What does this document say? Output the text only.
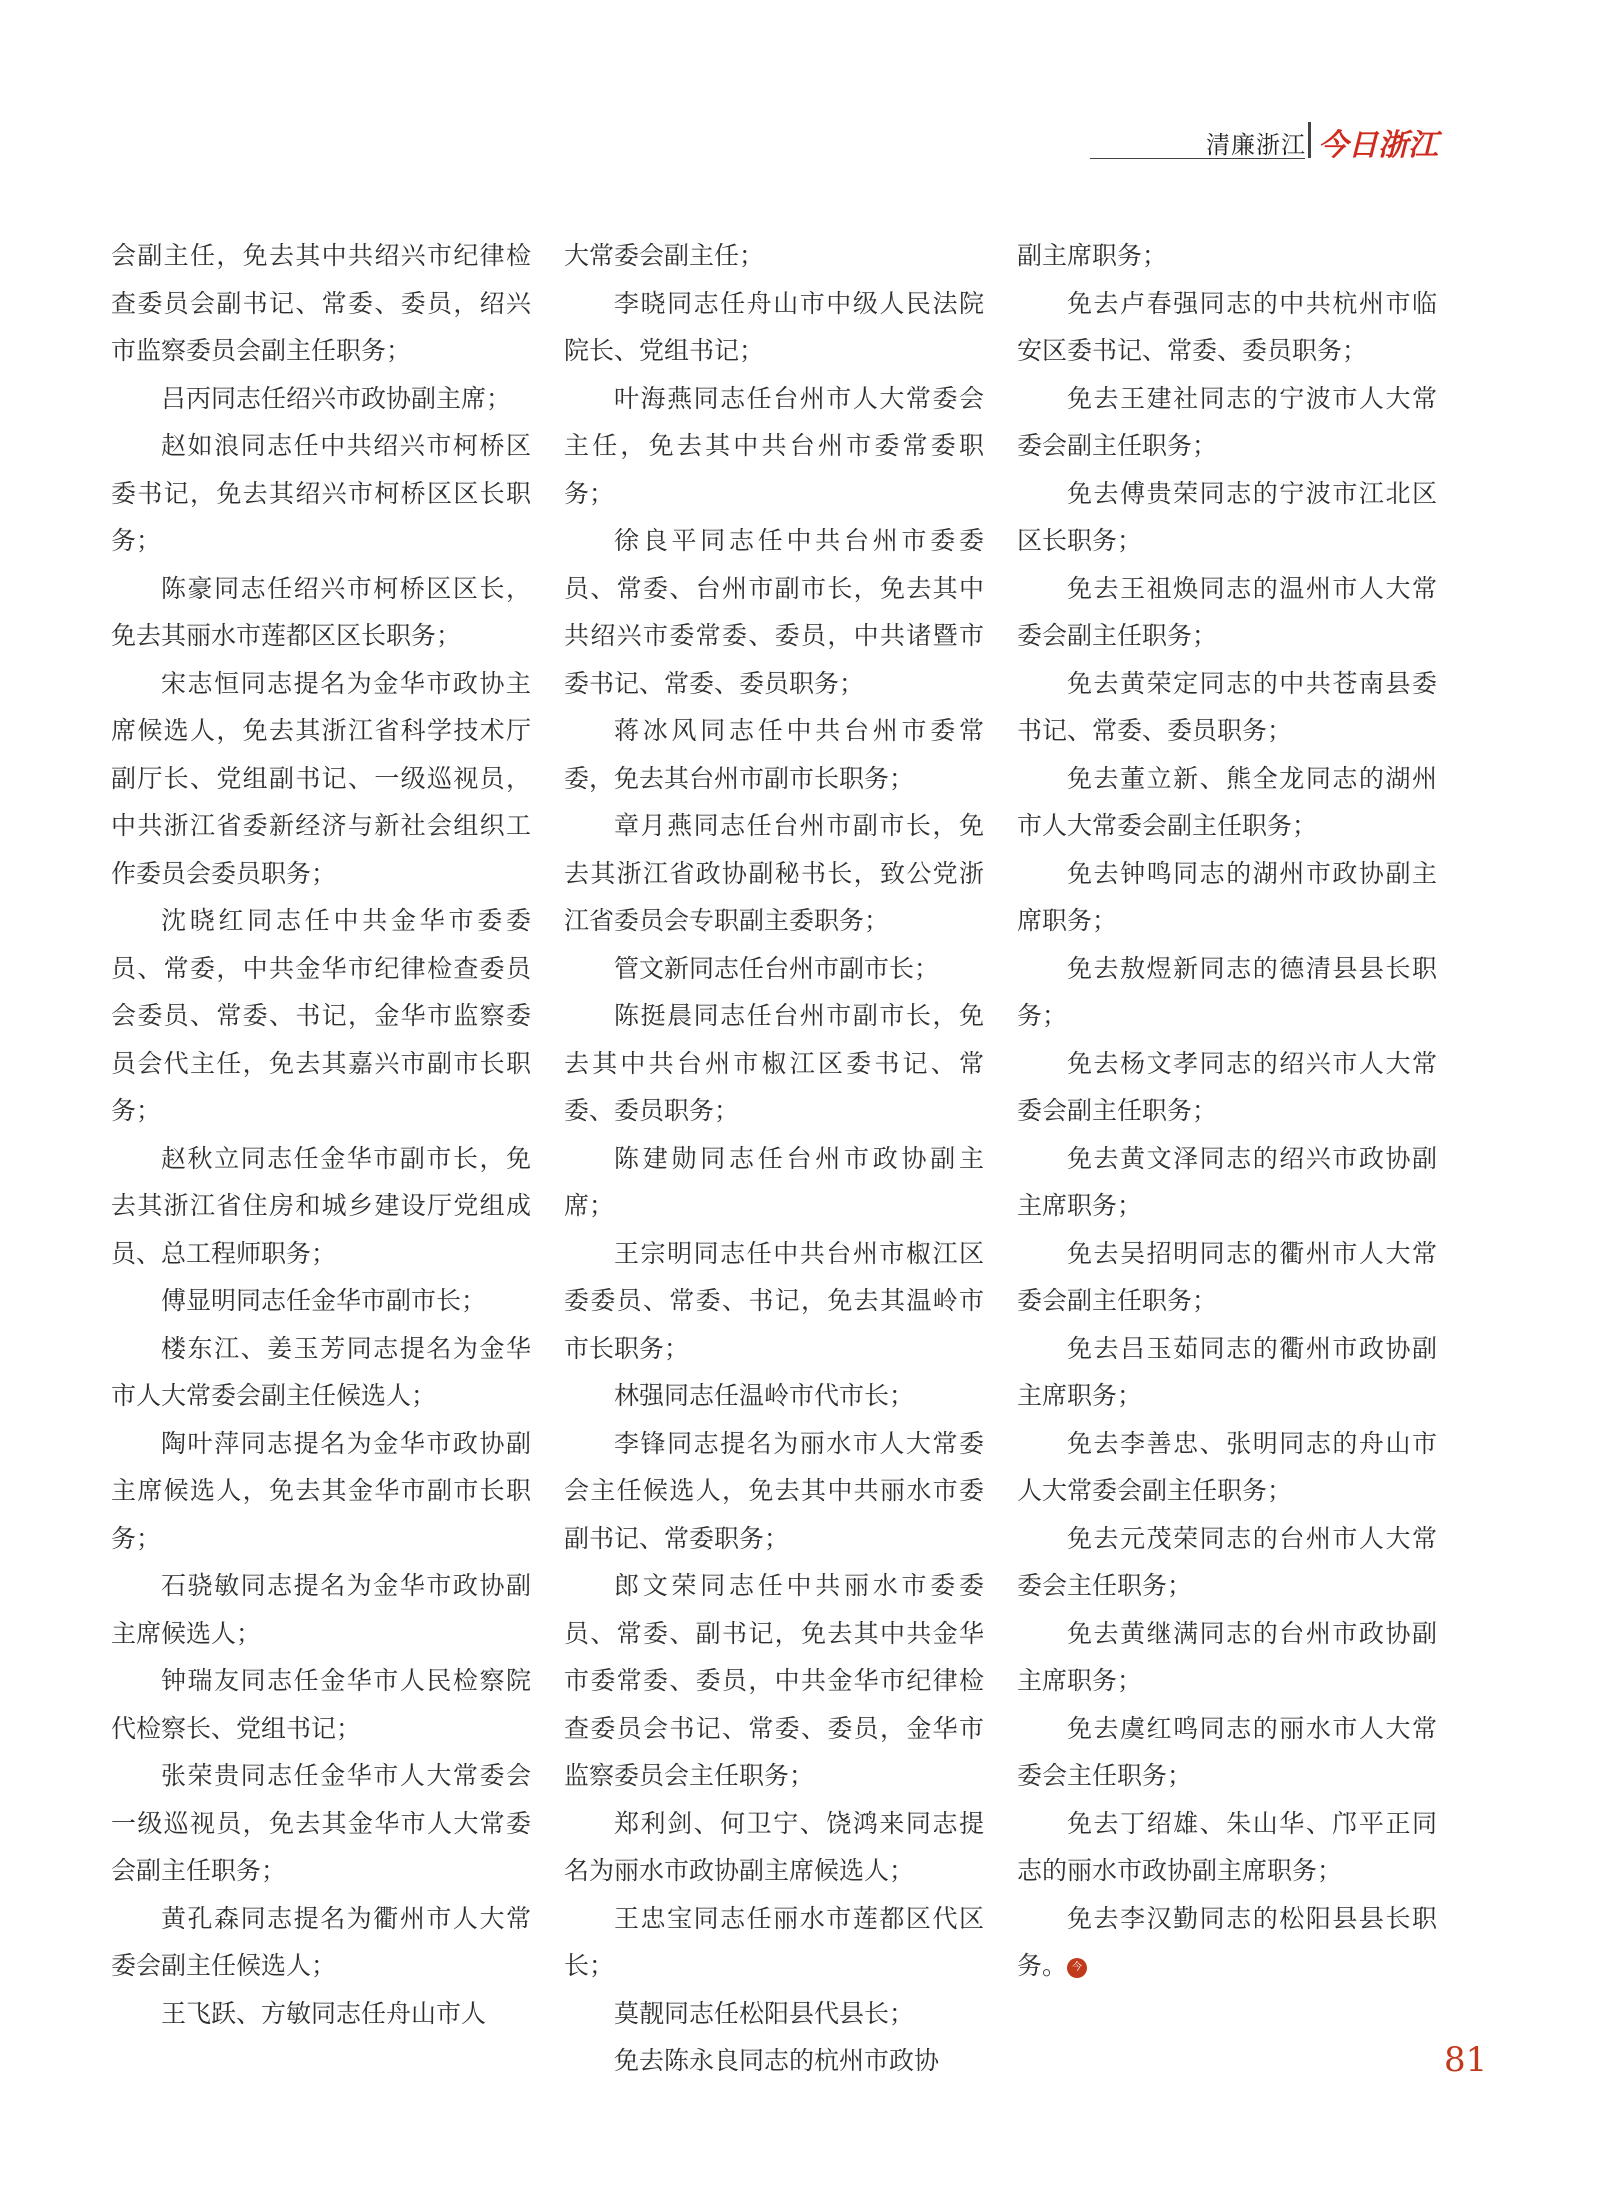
清廉浙江 今日浙江

会副主任，免去其中共绍兴市纪律检查委员会副书记、常委、委员，绍兴市监察委员会副主任职务；

吕丙同志任绍兴市政协副主席；

赵如浪同志任中共绍兴市柯桥区委书记，免去其绍兴市柯桥区区长职务；

陈豪同志任绍兴市柯桥区区长，免去其丽水市莲都区区长职务；

宋志恒同志提名为金华市政协主席候选人，免去其浙江省科学技术厅副厅长、党组副书记、一级巡视员，中共浙江省委新经济与新社会组织工作委员会委员职务；

沈晓红同志任中共金华市委委员、常委，中共金华市纪律检查委员会委员、常委、书记，金华市监察委员会代主任，免去其嘉兴市副市长职务；

赵秋立同志任金华市副市长，免去其浙江省住房和城乡建设厅党组成员、总工程师职务；

傅显明同志任金华市副市长；

楼东江、姜玉芳同志提名为金华市人大常委会副主任候选人；

陶叶萍同志提名为金华市政协副主席候选人，免去其金华市副市长职务；

石骁敏同志提名为金华市政协副主席候选人；

钟瑞友同志任金华市人民检察院代检察长、党组书记；

张荣贵同志任金华市人大常委会一级巡视员，免去其金华市人大常委会副主任职务；

黄孔森同志提名为衢州市人大常委会副主任候选人；

王飞跃、方敏同志任舟山市人

大常委会副主任；

李晓同志任舟山市中级人民法院院长、党组书记；

叶海燕同志任台州市人大常委会主任，免去其中共台州市委常委职务；

徐良平同志任中共台州市委委员、常委、台州市副市长，免去其中共绍兴市委常委、委员，中共诸暨市委书记、常委、委员职务；

蒋冰风同志任中共台州市委常委，免去其台州市副市长职务；

章月燕同志任台州市副市长，免去其浙江省政协副秘书长，致公党浙江省委员会专职副主委职务；

管文新同志任台州市副市长；

陈挺晨同志任台州市副市长，免去其中共台州市椒江区委书记、常委、委员职务；

陈建勋同志任台州市政协副主席；

王宗明同志任中共台州市椒江区委委员、常委、书记，免去其温岭市市长职务；

林强同志任温岭市代市长；

李锋同志提名为丽水市人大常委会主任候选人，免去其中共丽水市委副书记、常委职务；

郎文荣同志任中共丽水市委委员、常委、副书记，免去其中共金华市委常委、委员，中共金华市纪律检查委员会书记、常委、委员，金华市监察委员会主任职务；

郑利剑、何卫宁、饶鸿来同志提名为丽水市政协副主席候选人；

王忠宝同志任丽水市莲都区代区长；

莫靓同志任松阳县代县长；

免去陈永良同志的杭州市政协

副主席职务；

免去卢春强同志的中共杭州市临安区委书记、常委、委员职务；

免去王建社同志的宁波市人大常委会副主任职务；

免去傅贵荣同志的宁波市江北区区长职务；

免去王祖焕同志的温州市人大常委会副主任职务；

免去黄荣定同志的中共苍南县委书记、常委、委员职务；

免去董立新、熊全龙同志的湖州市人大常委会副主任职务；

免去钟鸣同志的湖州市政协副主席职务；

免去敖煜新同志的德清县县长职务；

免去杨文孝同志的绍兴市人大常委会副主任职务；

免去黄文泽同志的绍兴市政协副主席职务；

免去吴招明同志的衢州市人大常委会副主任职务；

免去吕玉茹同志的衢州市政协副主席职务；

免去李善忠、张明同志的舟山市人大常委会副主任职务；

免去元茂荣同志的台州市人大常委会主任职务；

免去黄继满同志的台州市政协副主席职务；

免去虞红鸣同志的丽水市人大常委会主任职务；

免去丁绍雄、朱山华、邝平正同志的丽水市政协副主席职务；

免去李汉勤同志的松阳县县长职务。 今

81
